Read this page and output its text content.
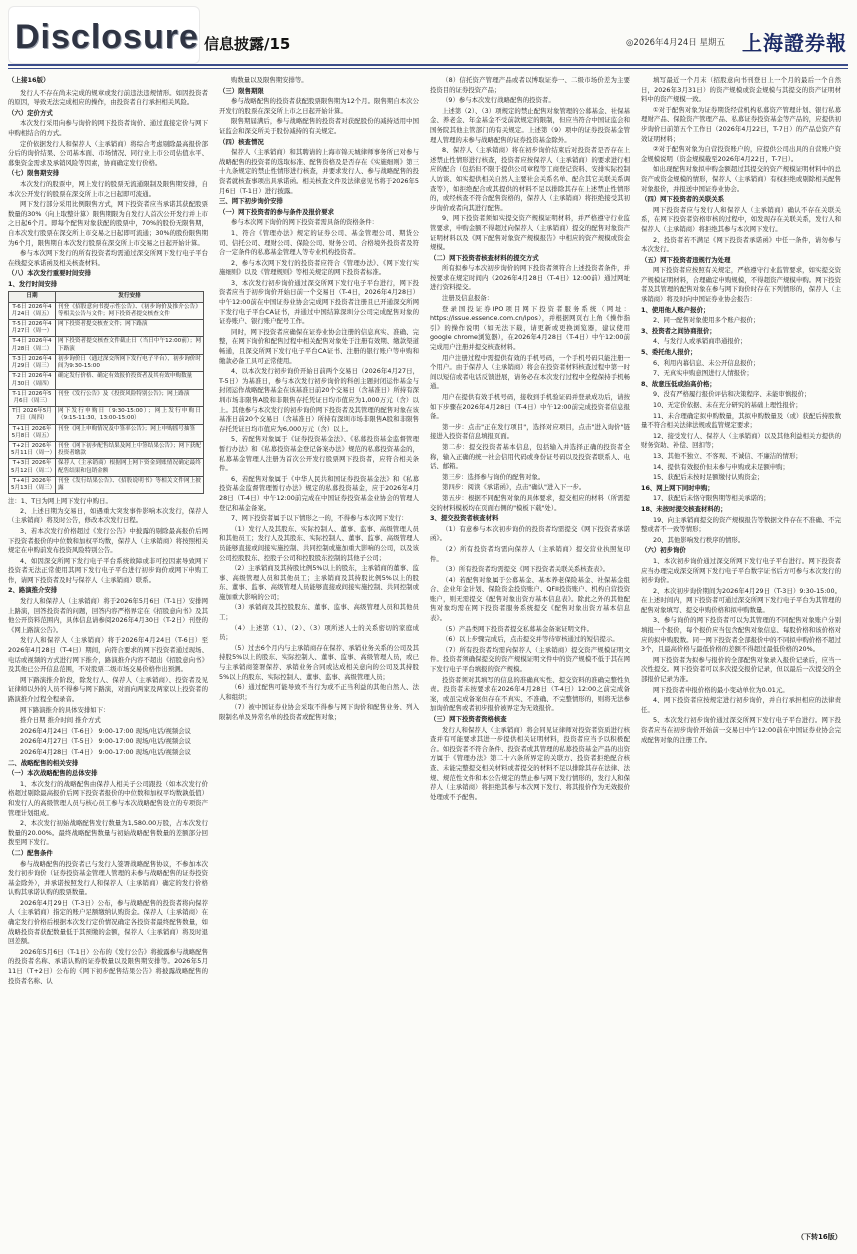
Disclosure 信息披露/15	◎2026年4月24日 星期五 上海證券報
（上接16版）

发行人不存在尚未完成的规章或发行前违法违规情形。如因投资者的原因，导致无法完成相应的操作，由投资者自行承担相关风险。

（六）定价方式

本次发行采用向参与询价的网下投资者询价、通过直接定价与网下申购相结合的方式。

定价依据发行人和保荐人（主承销商）将综合考虑剔除最高报价部分后的询价结果、公司基本面、市场情况、同行业上市公司估值水平、募集资金需求及承销风险等因素，协商确定发行价格。

（七）限售期安排

本次发行的股票中，网上发行的股票无流通限制及限售期安排，自本次公开发行的股票在深交所上市之日起即可流通。

网下发行部分采用比例限售方式，网下投资者应当承诺其获配股票数量的30%（向上取整计算）限售期限为自发行人首次公开发行并上市之日起6个月。即每个配售对象获配的股票中，70%的股份无限售期，自本次发行股票在深交所上市交易之日起即可流通；30%的股份限售期为6个月，限售期自本次发行股票在深交所上市交易之日起开始计算。

参与本次网下发行的所有投资者均需通过深交所网下发行电子平台在线提交承诺函及相关核查材料。

（八）本次发行重要时间安排

1、发行时间安排

日期	发行安排
T-6日 2026年4月24日（周五）	刊登《招股意向书提示性公告》、《初步询价及推介公告》等相关公告与文件；网下投资者提交核查文件
T-5日 2026年4月27日（周一）	网下投资者提交核查文件；网下路演
T-4日 2026年4月28日（周二）	网下投资者提交核查文件截止日（当日中午12:00前）；网下路演
T-3日 2026年4月29日（周三）	初步询价日（通过深交所网下发行电子平台），初步询价时间为9:30-15:00
T-2日 2026年4月30日（周四）	确定发行价格、确定有效报价投资者及其有效申购数量
T-1日 2026年5月6日（周三）	刊登《发行公告》及《投资风险特别公告》；网上路演
T日 2026年5月7日（周四）	网下发行申购日（9:30-15:00）；网上发行申购日（9:15-11:30，13:00-15:00）
T+1日 2026年5月8日（周五）	刊登《网上申购情况及中签率公告》；网上申购摇号抽签
T+2日 2026年5月11日（周一）	刊登《网下初步配售结果及网上中签结果公告》；网下获配投资者缴款
T+3日 2026年5月12日（周二）	保荐人（主承销商）根据网上网下资金到账情况确定最终配售结果和包销金额
T+4日 2026年5月13日（周三）	刊登《发行结果公告》、《招股说明书》等相关文件网上披露

注：1、T日为网上网下发行申购日。

2、上述日期为交易日，如遇重大突发事件影响本次发行，保荐人（主承销商）将及时公告，修改本次发行日程。

3、若本次发行价格超过《发行公告》中披露的剔除最高报价后网下投资者报价的中位数和加权平均数，保荐人（主承销商）将按照相关规定在申购前发布投资风险特别公告。

4、如因深交所网下发行电子平台系统故障或非可控因素导致网下投资者无法正常使用其网下发行电子平台进行初步询价或网下申购工作，请网下投资者及时与保荐人（主承销商）联系。

2、路演推介安排

发行人和保荐人（主承销商）将于2026年5月6日（T-1日）安排网上路演，回答投资者的问题，回答内容严格界定在《招股意向书》及其他公开资料范围内，具体信息请参阅2026年4月30日（T-2日）刊登的《网上路演公告》。

发行人和保荐人（主承销商）将于2026年4月24日（T-6日）至2026年4月28日（T-4日）期间，向符合要求的网下投资者通过现场、电话或视频的方式进行网下推介，路演推介内容不超出《招股意向书》及其他已公开信息范围，不对股票二级市场交易价格作出预测。

网下路演推介阶段，除发行人、保荐人（主承销商）、投资者及见证律师以外的人员不得参与网下路演，对面向两家及两家以上投资者的路演推介过程全程录音。

网下路演推介的具体安排如下：

推介日期 推介时间 推介方式

2026年4月24日（T-6日） 9:00-17:00 现场/电话/视频会议

2026年4月27日（T-5日） 9:00-17:00 现场/电话/视频会议

2026年4月28日（T-4日） 9:00-17:00 现场/电话/视频会议

二、战略配售的相关安排

（一）本次战略配售的总体安排

1、本次发行的战略配售由保荐人相关子公司跟投（如本次发行价格超过剔除最高报价后网下投资者报价的中位数和加权平均数孰低值）和发行人的高级管理人员与核心员工参与本次战略配售设立的专项资产管理计划组成。

2、本次发行初始战略配售发行数量为1,580.00万股，占本次发行数量的20.00%。最终战略配售数量与初始战略配售数量的差额部分回拨至网下发行。

（二）配售条件

参与战略配售的投资者已与发行人签署战略配售协议，不参加本次发行初步询价（证券投资基金管理人管理的未参与战略配售的证券投资基金除外），并承诺按照发行人和保荐人（主承销商）确定的发行价格认购其承诺认购的股票数量。

2026年4月29日（T-3日）公布，参与战略配售的投资者将向保荐人（主承销商）指定的账户足额缴纳认购资金。保荐人（主承销商）在确定发行价格后根据本次发行定价情况确定各投资者最终配售数量，如战略投资者获配数量低于其预缴的金额，保荐人（主承销商）将及时退回差额。

2026年5月6日（T-1日）公布的《发行公告》将披露参与战略配售的投资者名称、承诺认购的证券数量以及限售期安排等。2026年5月11日（T+2日）公布的《网下初步配售结果公告》将披露战略配售的投资者名称、认

购数量以及限售期安排等。

（三）限售期限

参与战略配售的投资者获配股票限售期为12个月。限售期自本次公开发行的股票在深交所上市之日起开始计算。

限售期届满后，参与战略配售的投资者对获配股份的减持适用中国证监会和深交所关于股份减持的有关规定。

（四）核查情况

保荐人（主承销商）和其聘请的上海市锦天城律师事务所已对参与战略配售的投资者的选取标准、配售资格及是否存在《实施细则》第三十九条规定的禁止性情形进行核查，并要求发行人、参与战略配售的投资者就核查事项出具承诺函。相关核查文件及法律意见书将于2026年5月6日（T-1日）进行披露。

三、网下初步询价安排

（一）网下投资者的参与条件及报价要求

参与本次网下询价的网下投资者需具备的资格条件：

1、符合《管理办法》规定的证券公司、基金管理公司、期货公司、信托公司、理财公司、保险公司、财务公司、合格境外投资者及符合一定条件的私募基金管理人等专业机构投资者。

2、参与本次网下发行的投资者应符合《管理办法》、《网下发行实施细则》以及《管理规则》等相关规定的网下投资者标准。

3、本次发行初步询价通过深交所网下发行电子平台进行，网下投资者应当于初步询价开始日前一个交易日（T-4日，2026年4月28日）中午12:00前在中国证券业协会完成网下投资者注册且已开通深交所网下发行电子平台CA证书，并通过中国结算深圳分公司完成配售对象的证券账户、银行账户配号工作。

同时，网下投资者应确保在证券业协会注册的信息真实、准确、完整，在网下询价和配售过程中相关配售对象处于注册有效期、缴款渠道畅通，且深交所网下发行电子平台CA证书、注册的银行账户等申购和缴款必备工具可正常使用。

4、以本次发行初步询价开始日前两个交易日（2026年4月27日，T-5日）为基准日，参与本次发行初步询价的科创主题封闭运作基金与封闭运作战略配售基金在该基准日前20个交易日（含基准日）所持有深圳市场非限售A股和非限售存托凭证日均市值应为1,000万元（含）以上。其他参与本次发行的初步询价网下投资者及其管理的配售对象在该基准日前20个交易日（含基准日）所持有深圳市场非限售A股和非限售存托凭证日均市值应为6,000万元（含）以上。

5、若配售对象属于《证券投资基金法》、《私募投资基金监督管理暂行办法》和《私募投资基金登记备案办法》规范的私募投资基金的，私募基金管理人注册为首次公开发行股票网下投资者，应符合相关条件。

6、若配售对象属于《中华人民共和国证券投资基金法》和《私募投资基金监督管理暂行办法》规定的私募投资基金，应于2026年4月28日（T-4日）中午12:00前完成在中国证券投资基金业协会的管理人登记和基金备案。

7、网下投资者属于以下情形之一的，不得参与本次网下发行：

（1）发行人及其股东、实际控制人、董事、监事、高级管理人员和其他员工；发行人及其股东、实际控制人、董事、监事、高级管理人员能够直接或间接实施控制、共同控制或施加重大影响的公司，以及该公司控股股东、控股子公司和控股股东控制的其他子公司；

（2）主承销商及其持股比例5%以上的股东，主承销商的董事、监事、高级管理人员和其他员工；主承销商及其持股比例5%以上的股东、董事、监事、高级管理人员能够直接或间接实施控制、共同控制或施加重大影响的公司；

（3）承销商及其控股股东、董事、监事、高级管理人员和其他员工；

（4）上述第（1）、（2）、（3）项所述人士的关系密切的家庭成员；

（5）过去6个月内与主承销商存在保荐、承销业务关系的公司及其持股5%以上的股东、实际控制人、董事、监事、高级管理人员，或已与主承销商签署保荐、承销业务合同或达成相关意向的公司及其持股5%以上的股东、实际控制人、董事、监事、高级管理人员；

（6）通过配售可能导致不当行为或不正当利益的其他自然人、法人和组织；

（7）被中国证券业协会采取不得参与网下询价和配售业务、列入限制名单及异常名单的投资者或配售对象；

（8）信托资产管理产品或者以博取证券一、二级市场价差为主要投资目的证券投资产品；

（9）参与本次发行战略配售的投资者。

上述第（2）、（3）项规定的禁止配售对象管理的公募基金、社保基金、养老金、年金基金不受前款规定的限制，但应当符合中国证监会和国务院其他主管部门的有关规定。上述第（9）项中的证券投资基金管理人管理的未参与战略配售的证券投资基金除外。

8、保荐人（主承销商）将在初步询价结束后对投资者是否存在上述禁止性情形进行核查，投资者应按保荐人（主承销商）的要求进行相应的配合（包括但不限于提供公司章程等工商登记资料、安排实际控制人访谈、如实提供相关自然人主要社会关系名单、配合其它关联关系调查等），如拒绝配合或其提供的材料不足以排除其存在上述禁止性情形的，或经核查不符合配售资格的，保荐人（主承销商）将拒绝接受其初步询价或者向其进行配售。

9、网下投资者须如实提交资产规模证明材料，并严格遵守行业监管要求，申购金额不得超过向保荐人（主承销商）提交的配售对象资产证明材料以及《网下配售对象资产规模报告》中相应的资产规模或资金规模。

（二）网下投资者核查材料的提交方式

所有拟参与本次初步询价的网下投资者须符合上述投资者条件，并按要求在规定时间内（2026年4月28日（T-4日）12:00前）通过网址进行资料提交。

注册及信息报备：

登录国投证券IPO项目网下投资者服务系统（网址：https://issue.essence.com.cn/ipos），并根据网页右上角《操作指引》的操作说明（如无法下载，请更新或更换浏览器，建议使用google chrome浏览器），在2026年4月28日（T-4日）中午12:00前完成用户注册并提交核查材料。

用户注册过程中需提供有效的手机号码，一个手机号码只能注册一个用户。由于保荐人（主承销商）将会在投资者材料核查过程中第一时间以短信或者电话反馈进展，请务必在本次发行过程中全程保持手机畅通。

用户在提供有效手机号码，接收到手机验证码并登录成功后，请按如下步骤在2026年4月28日（T-4日）中午12:00前完成投资者信息报备。

第一步：点击"正在发行项目"，选择对应项目，点击"进入询价"链接进入投资者信息填报页面。

第二步：提交投资者基本信息，包括输入并选择正确的投资者全称，输入正确的统一社会信用代码或身份证号码以及投资者联系人、电话、邮箱。

第三步：选择参与询价的配售对象。

第四步：阅读《承诺函》，点击"确认"进入下一步。

第五步：根据不同配售对象的具体要求，提交相应的材料（所需提交的材料模板均在页面右侧的"模板下载"处）。

3、提交投资者核查材料

（1）有意参与本次初步询价的投资者均需提交《网下投资者承诺函》。

（2）所有投资者均需向保荐人（主承销商）提交营业执照复印件。

（3）所有投资者均需提交《网下投资者关联关系核查表》。

（4）若配售对象属于公募基金、基本养老保险基金、社保基金组合、企业年金计划、保险资金投资账户、QFII投资账户、机构自营投资账户，则无需提交《配售对象出资方基本信息表》。除此之外的其他配售对象均需在网下投资者服务系统提交《配售对象出资方基本信息表》。

（5）产品类网下投资者提交私募基金备案证明文件。

（6）以上步骤完成后，点击提交并等待审核通过的短信提示。

（7）所有投资者均需向保荐人（主承销商）提交资产规模证明文件。投资者须确保提交的资产规模证明文件中的资产规模不低于其在网下发行电子平台填报的资产规模。

投资者须对其填写的信息的准确真实性、提交资料的准确完整性负责。投资者未按要求在2026年4月28日（T-4日）12:00之前完成备案，或虽完成备案但存在不真实、不准确、不完整情形的，则将无法参加询价配售或者初步报价被界定为无效报价。

（三）网下投资者资格核查

发行人和保荐人（主承销商）将会同见证律师对投资者资质进行核查并有可能要求其进一步提供相关证明材料，投资者应当予以积极配合。如投资者不符合条件、投资者或其管理的私募投资基金产品的出资方属于《管理办法》第二十六条所界定的关联方、投资者拒绝配合核查、未能完整提交相关材料或者提交的材料不足以排除其存在法律、法规、规范性文件和本公告规定的禁止参与网下发行情形的，发行人和保荐人（主承销商）将拒绝其参与本次网下发行、将其报价作为无效报价处理或不予配售。

填写最近一个月末（招股意向书刊登日上一个月的最后一个自然日，2026年3月31日）的资产规模或资金规模与其提交的资产证明材料中的资产规模一致。

①对于配售对象为证券期货经营机构私募资产管理计划、银行私募理财产品、保险资产管理产品、私募证券投资基金等产品的，应提供初步询价日前第五个工作日（2026年4月22日，T-7日）的产品总资产有效证明材料；

②对于配售对象为自营投资账户的，应提供公司出具的自营账户资金规模说明（资金规模截至2026年4月22日，T-7日）。

如出现配售对象拟申购金额超过其提交的资产规模证明材料中的总资产或资金规模的情形，保荐人（主承销商）有权拒绝或剔除相关配售对象报价，并报送中国证券业协会。

（四）网下投资者的关联关系

网下投资者应与发行人和保荐人（主承销商）确认不存在关联关系，在网下投资者资格审核的过程中，如发现存在关联关系，发行人和保荐人（主承销商）将拒绝其参与本次网下发行。

2、投资者若不满足《网下投资者承诺函》中任一条件，请勿参与本次发行。

（五）网下投资者违规行为处理

网下投资者应按照有关规定，严格遵守行业监管要求，如实提交资产规模证明材料，合理确定申购规模，不得超资产规模申购。网下投资者及其管理的配售对象在参与网下询价时存在下列情形的，保荐人（主承销商）将及时向中国证券业协会报告：

1、使用他人账户报价；

2、同一配售对象使用多个账户报价；

3、投资者之间协商报价；

4、与发行人或承销商串通报价；

5、委托他人报价；

6、利用内幕信息、未公开信息报价；

7、无真实申购意图进行人情报价；

8、故意压低或抬高价格；

9、没有严格履行报价评估和决策程序、未能审慎报价；

10、无定价依据、未在充分研究的基础上理性报价；

11、未合理确定拟申购数量，其拟申购数量及（或）获配后持股数量不符合相关法律法规或监管规定要求；

12、接受发行人、保荐人（主承销商）以及其他利益相关方提供的财务资助、补偿、回扣等；

13、其他不独立、不客观、不诚信、不廉洁的情形；

14、提供有效报价但未参与申购或未足额申购；

15、获配后未按时足额缴付认购资金；

16、网上网下同时申购；

17、获配后未恪守限售期等相关承诺的；

18、未按时提交核查材料的；

19、向主承销商提交的资产规模报告等数据文件存在不准确、不完整或者不一致等情形；

20、其他影响发行秩序的情形。

（六）初步询价

1、本次初步询价通过深交所网下发行电子平台进行。网下投资者应当办理完成深交所网下发行电子平台数字证书后方可参与本次发行的初步询价。

2、本次初步询价期间为2026年4月29日（T-3日）9:30-15:00。在上述时间内，网下投资者可通过深交所网下发行电子平台为其管理的配售对象填写、提交申购价格和拟申购数量。

3、参与询价的网下投资者可以为其管理的不同配售对象账户分别填报一个报价，每个报价应当包含配售对象信息、每股价格和该价格对应的拟申购股数。同一网下投资者全部报价中的不同拟申购价格不超过3个，且最高价格与最低价格的差额不得超过最低价格的20%。

网下投资者为拟参与报价的全部配售对象录入报价记录后，应当一次性提交。网下投资者可以多次提交报价记录，但以最后一次提交的全部报价记录为准。

网下投资者申报价格的最小变动单位为0.01元。

4、网下投资者应按规定进行初步询价，并自行承担相应的法律责任。

5、本次发行初步询价通过深交所网下发行电子平台进行。网下投资者应当在初步询价开始前一交易日中午12:00前在中国证券业协会完成配售对象的注册工作。

（下转16版）
